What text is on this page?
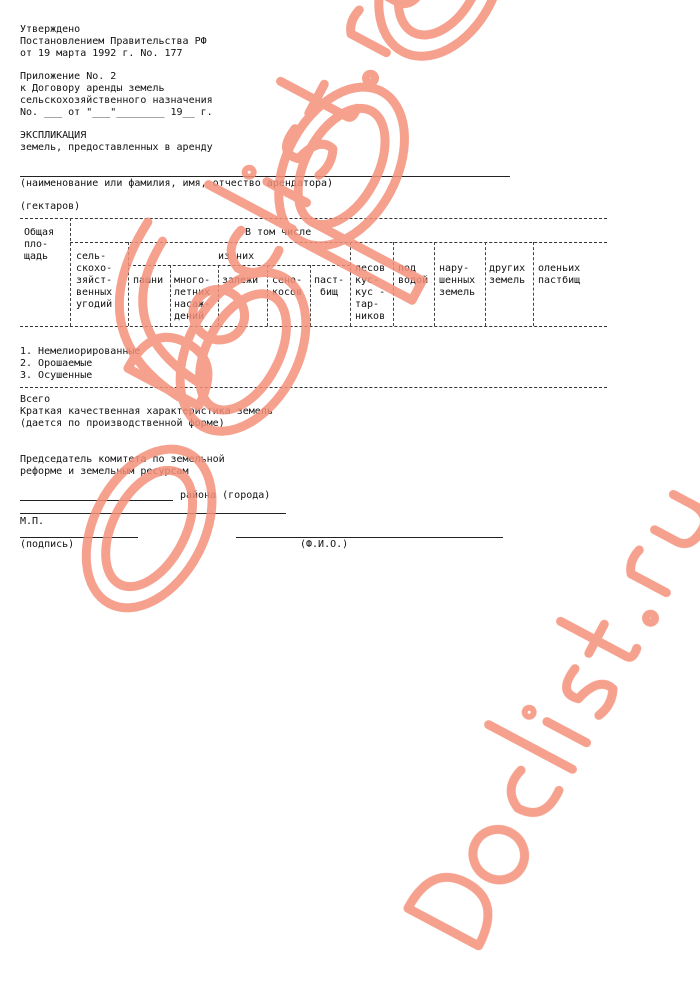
Утверждено
Постановлением Правительства РФ
от 19 марта 1992 г. No. 177
Приложение No. 2
к Договору аренды земель
сельскохозяйственного назначения
No. ___ от "___"________ 19__ г.
ЭКСПЛИКАЦИЯ
земель, предоставленных в аренду
(наименование или фамилия, имя, отчество арендатора)
(гектаров)
Общая
пло-
щадь
В том числе
сель-
скохо-
зяйст-
венных
угодий
из них
пашни много-
летних
насаж-
дений
залежи сено-
косов
паст-
бищ
лесов
кус-
кус -
тар-
ников
под
водой
нару-
шенных
земель
других
земель
оленьих
пастбищ
1. Немелиорированные
2. Орошаемые
3. Осушенные
Всего
Краткая качественная характеристика земель
(дается по производственной форме)
Председатель комитета по земельной
реформе и земельным ресурсам
района (города)
М.П.
(подпись)	(Ф.И.О.)
